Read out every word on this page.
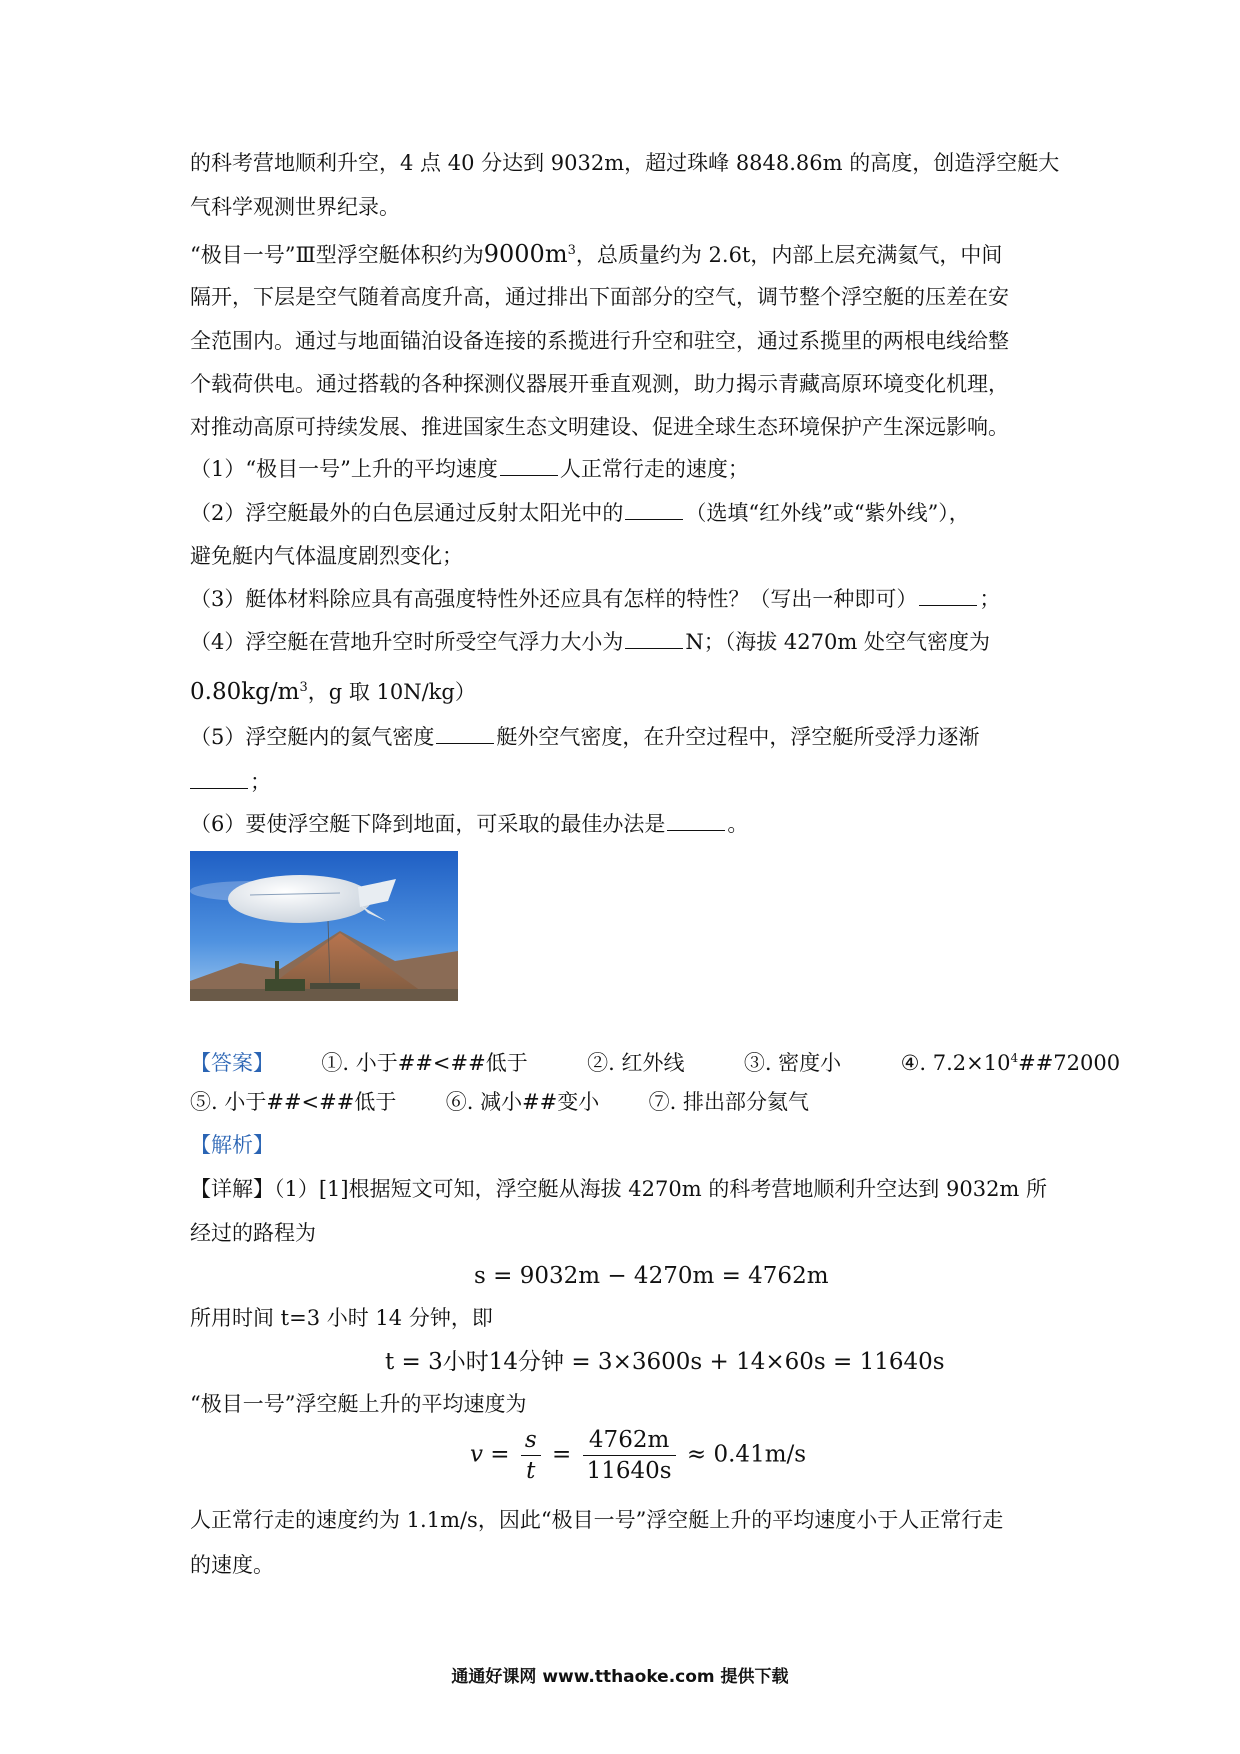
的科考营地顺利升空，4 点 40 分达到 9032m，超过珠峰 8848.86m 的高度，创造浮空艇大
气科学观测世界纪录。
“极目一号”Ⅲ型浮空艇体积约为$9000m^3$，总质量约为 2.6t，内部上层充满氦气，中间
隔开，下层是空气随着高度升高，通过排出下面部分的空气，调节整个浮空艇的压差在安
全范围内。通过与地面锚泊设备连接的系揽进行升空和驻空，通过系揽里的两根电线给整
个载荷供电。通过搭载的各种探测仪器展开垂直观测，助力揭示青藏高原环境变化机理，
对推动高原可持续发展、推进国家生态文明建设、促进全球生态环境保护产生深远影响。
（1）“极目一号”上升的平均速度	人正常行走的速度；
（2）浮空艇最外的白色层通过反射太阳光中的	（选填“红外线”或“紫外线”），
避免艇内气体温度剧烈变化；
（3）艇体材料除应具有高强度特性外还应具有怎样的特性？（写出一种即可）	；
（4）浮空艇在营地升空时所受空气浮力大小为	N；（海拔 4270m 处空气密度为
$0.80kg/m^3$，g 取 10N/kg）
（5）浮空艇内的氦气密度	艇外空气密度，在升空过程中，浮空艇所受浮力逐渐
；
（6）要使浮空艇下降到地面，可采取的最佳办法是	。
【答案】 ①. 小于##<##低于	②. 红外线	③. 密度小	④. $7.2\times 10^4\#\#72000$
⑤. 小于##<##低于 ⑥. 减小##变小 ⑦. 排出部分氦气
【解析】
【详解】（1）[1]根据短文可知，浮空艇从海拔 4270m 的科考营地顺利升空达到 9032m 所
经过的路程为
s = 9032m − 4270m = 4762m
所用时间 t=3 小时 14 分钟，即
t = 3小时14分钟 = 3×3600s + 14×60s = 11640s
“极目一号”浮空艇上升的平均速度为
$v = \frac{s}{t} = \frac{4762m}{11640s} \approx 0.41m/s$
人正常行走的速度约为 1.1m/s，因此“极目一号”浮空艇上升的平均速度小于人正常行走
的速度。
通通好课网 www.tthaoke.com 提供下载
